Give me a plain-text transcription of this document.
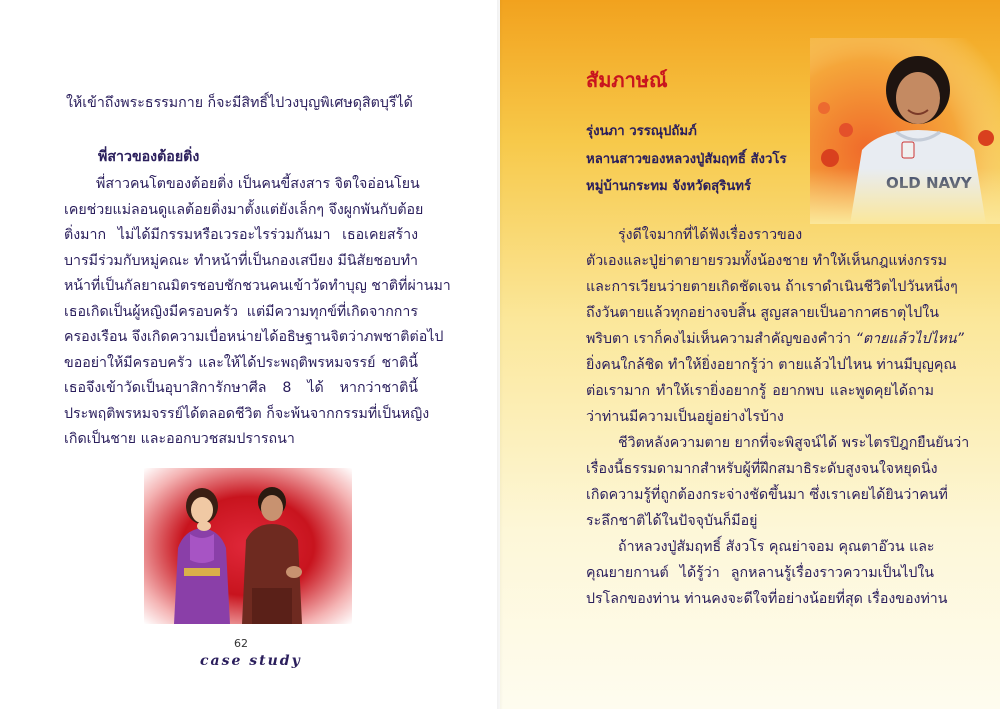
ให้เข้าถึงพระธรรมกาย ก็จะมีสิทธิ์ไปวงบุญพิเศษดุสิตบุรีได้
พี่สาวของต้อยติ่ง
พี่สาวคนโตของต้อยติ่ง เป็นคนขี้สงสาร จิตใจอ่อนโยน
เคยช่วยแม่ลอนดูแลต้อยติ่งมาตั้งแต่ยังเล็กๆ จึงผูกพันกับต้อย
ติ่งมาก ไม่ได้มีกรรมหรือเวรอะไรร่วมกันมา เธอเคยสร้าง
บารมีร่วมกับหมู่คณะ ทำหน้าที่เป็นกองเสบียง มีนิสัยชอบทำ
หน้าที่เป็นกัลยาณมิตรชอบชักชวนคนเข้าวัดทำบุญ ชาติที่ผ่านมา
เธอเกิดเป็นผู้หญิงมีครอบครัว แต่มีความทุกข์ที่เกิดจากการ
ครองเรือน จึงเกิดความเบื่อหน่ายได้อธิษฐานจิตว่าภพชาติต่อไป
ขออย่าให้มีครอบครัว และให้ได้ประพฤติพรหมจรรย์ ชาตินี้
เธอจึงเข้าวัดเป็นอุบาสิการักษาศีล 8 ได้ หากว่าชาตินี้
ประพฤติพรหมจรรย์ได้ตลอดชีวิต ก็จะพ้นจากกรรมที่เป็นหญิง
เกิดเป็นชาย และออกบวชสมปรารถนา
62
case study
สัมภาษณ์
รุ่งนภา วรรณุปถัมภ์
หลานสาวของหลวงปู่สัมฤทธิ์ สังวโร
หมู่บ้านกระทม จังหวัดสุรินทร์
รุ่งดีใจมากที่ได้ฟังเรื่องราวของ
ตัวเองและปู่ย่าตายายรวมทั้งน้องชาย ทำให้เห็นกฎแห่งกรรม
และการเวียนว่ายตายเกิดชัดเจน ถ้าเราดำเนินชีวิตไปวันหนึ่งๆ
ถึงวันตายแล้วทุกอย่างจบสิ้น สูญสลายเป็นอากาศธาตุไปใน
พริบตา เราก็คงไม่เห็นความสำคัญของคำว่า “ตายแล้วไปไหน”
ยิ่งคนใกล้ชิด ทำให้ยิ่งอยากรู้ว่า ตายแล้วไปไหน ท่านมีบุญคุณ
ต่อเรามาก ทำให้เรายิ่งอยากรู้ อยากพบ และพูดคุยได้ถาม
ว่าท่านมีความเป็นอยู่อย่างไรบ้าง
ชีวิตหลังความตาย ยากที่จะพิสูจน์ได้ พระไตรปิฎกยืนยันว่า
เรื่องนี้ธรรมดามากสำหรับผู้ที่ฝึกสมาธิระดับสูงจนใจหยุดนิ่ง
เกิดความรู้ที่ถูกต้องกระจ่างชัดขึ้นมา ซึ่งเราเคยได้ยินว่าคนที่
ระลึกชาติได้ในปัจจุบันก็มีอยู่
ถ้าหลวงปู่สัมฤทธิ์ สังวโร คุณย่าจอม คุณตาอ๊วน และ
คุณยายกานต์ ได้รู้ว่า ลูกหลานรู้เรื่องราวความเป็นไปใน
ปรโลกของท่าน ท่านคงจะดีใจที่อย่างน้อยที่สุด เรื่องของท่าน
